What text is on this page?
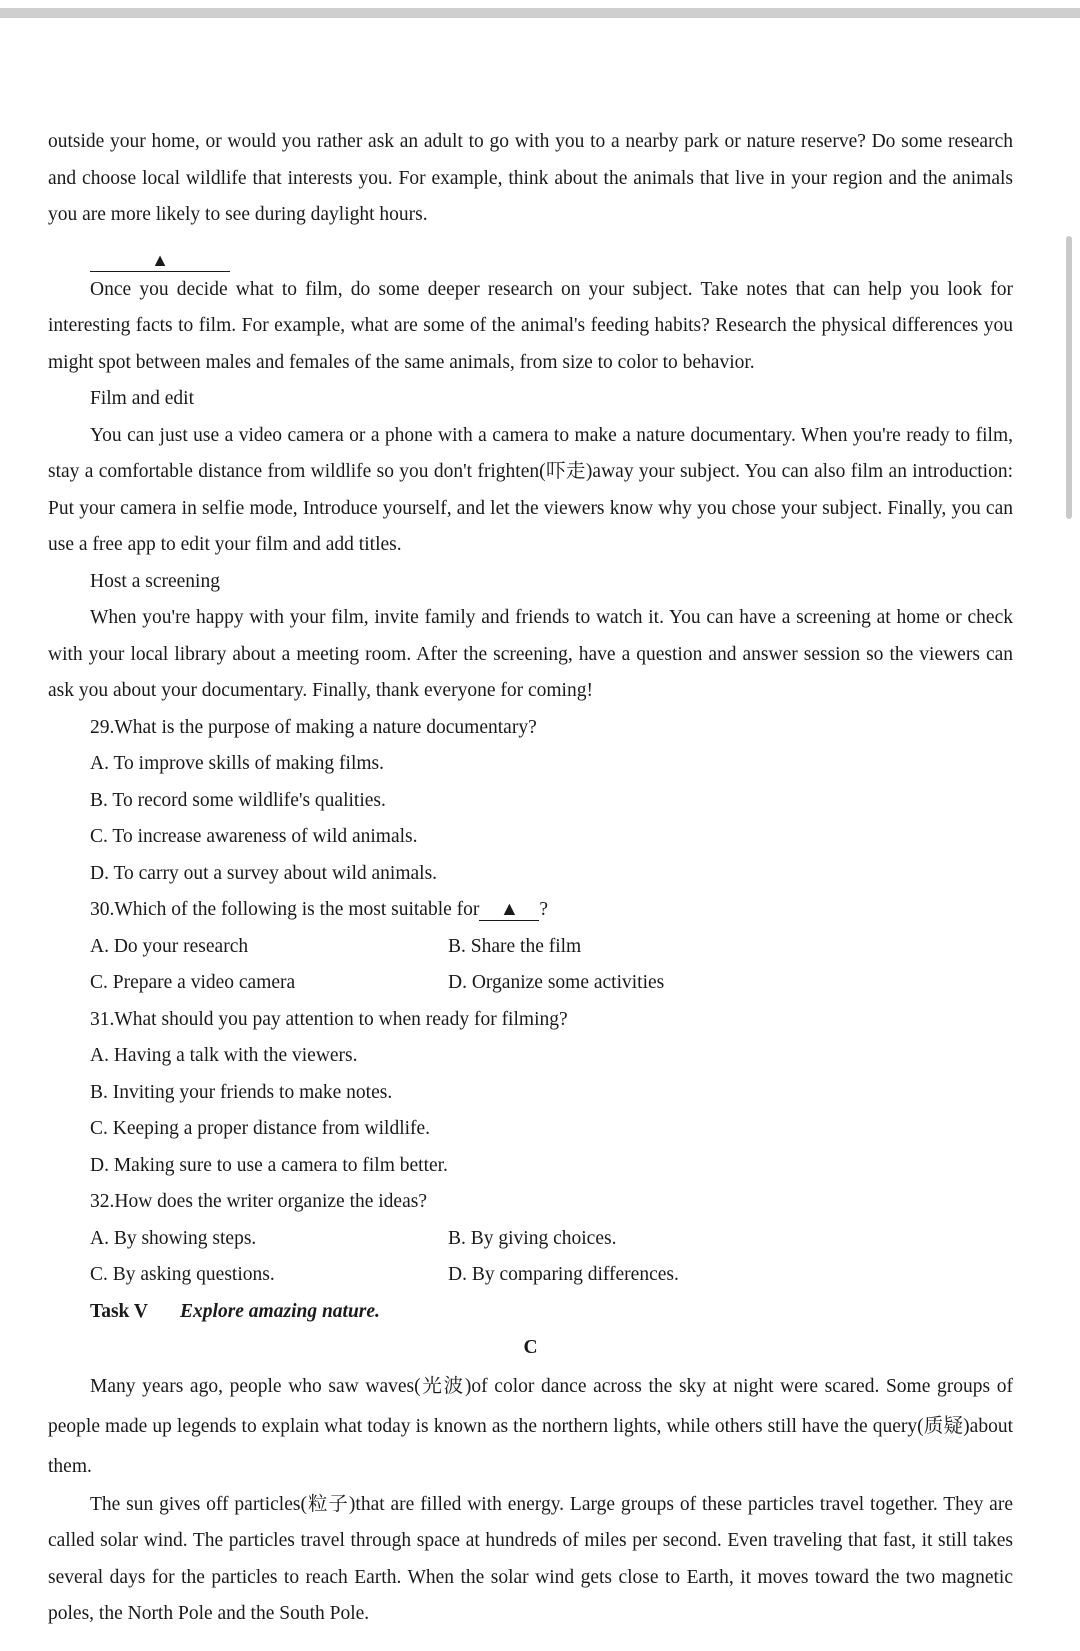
outside your home, or would you rather ask an adult to go with you to a nearby park or nature reserve? Do some research and choose local wildlife that interests you. For example, think about the animals that live in your region and the animals you are more likely to see during daylight hours.

▲

Once you decide what to film, do some deeper research on your subject. Take notes that can help you look for interesting facts to film. For example, what are some of the animal's feeding habits? Research the physical differences you might spot between males and females of the same animals, from size to color to behavior.

Film and edit

You can just use a video camera or a phone with a camera to make a nature documentary. When you're ready to film, stay a comfortable distance from wildlife so you don't frighten(吓走)away your subject. You can also film an introduction: Put your camera in selfie mode, Introduce yourself, and let the viewers know why you chose your subject. Finally, you can use a free app to edit your film and add titles.

Host a screening

When you're happy with your film, invite family and friends to watch it. You can have a screening at home or check with your local library about a meeting room. After the screening, have a question and answer session so the viewers can ask you about your documentary. Finally, thank everyone for coming!

29.What is the purpose of making a nature documentary?

A. To improve skills of making films.

B. To record some wildlife's qualities.

C. To increase awareness of wild animals.

D. To carry out a survey about wild animals.

30.Which of the following is the most suitable for ▲ ?

A. Do your research	B. Share the film
C. Prepare a video camera	D. Organize some activities

31.What should you pay attention to when ready for filming?

A. Having a talk with the viewers.

B. Inviting your friends to make notes.

C. Keeping a proper distance from wildlife.

D. Making sure to use a camera to film better.

32.How does the writer organize the ideas?

A. By showing steps.	B. By giving choices.
C. By asking questions.	D. By comparing differences.

Task V Explore amazing nature.

C

Many years ago, people who saw waves(光波)of color dance across the sky at night were scared. Some groups of people made up legends to explain what today is known as the northern lights, while others still have the query(质疑)about them.

The sun gives off particles(粒子)that are filled with energy. Large groups of these particles travel together. They are called solar wind. The particles travel through space at hundreds of miles per second. Even traveling that fast, it still takes several days for the particles to reach Earth. When the solar wind gets close to Earth, it moves toward the two magnetic poles, the North Pole and the South Pole.
